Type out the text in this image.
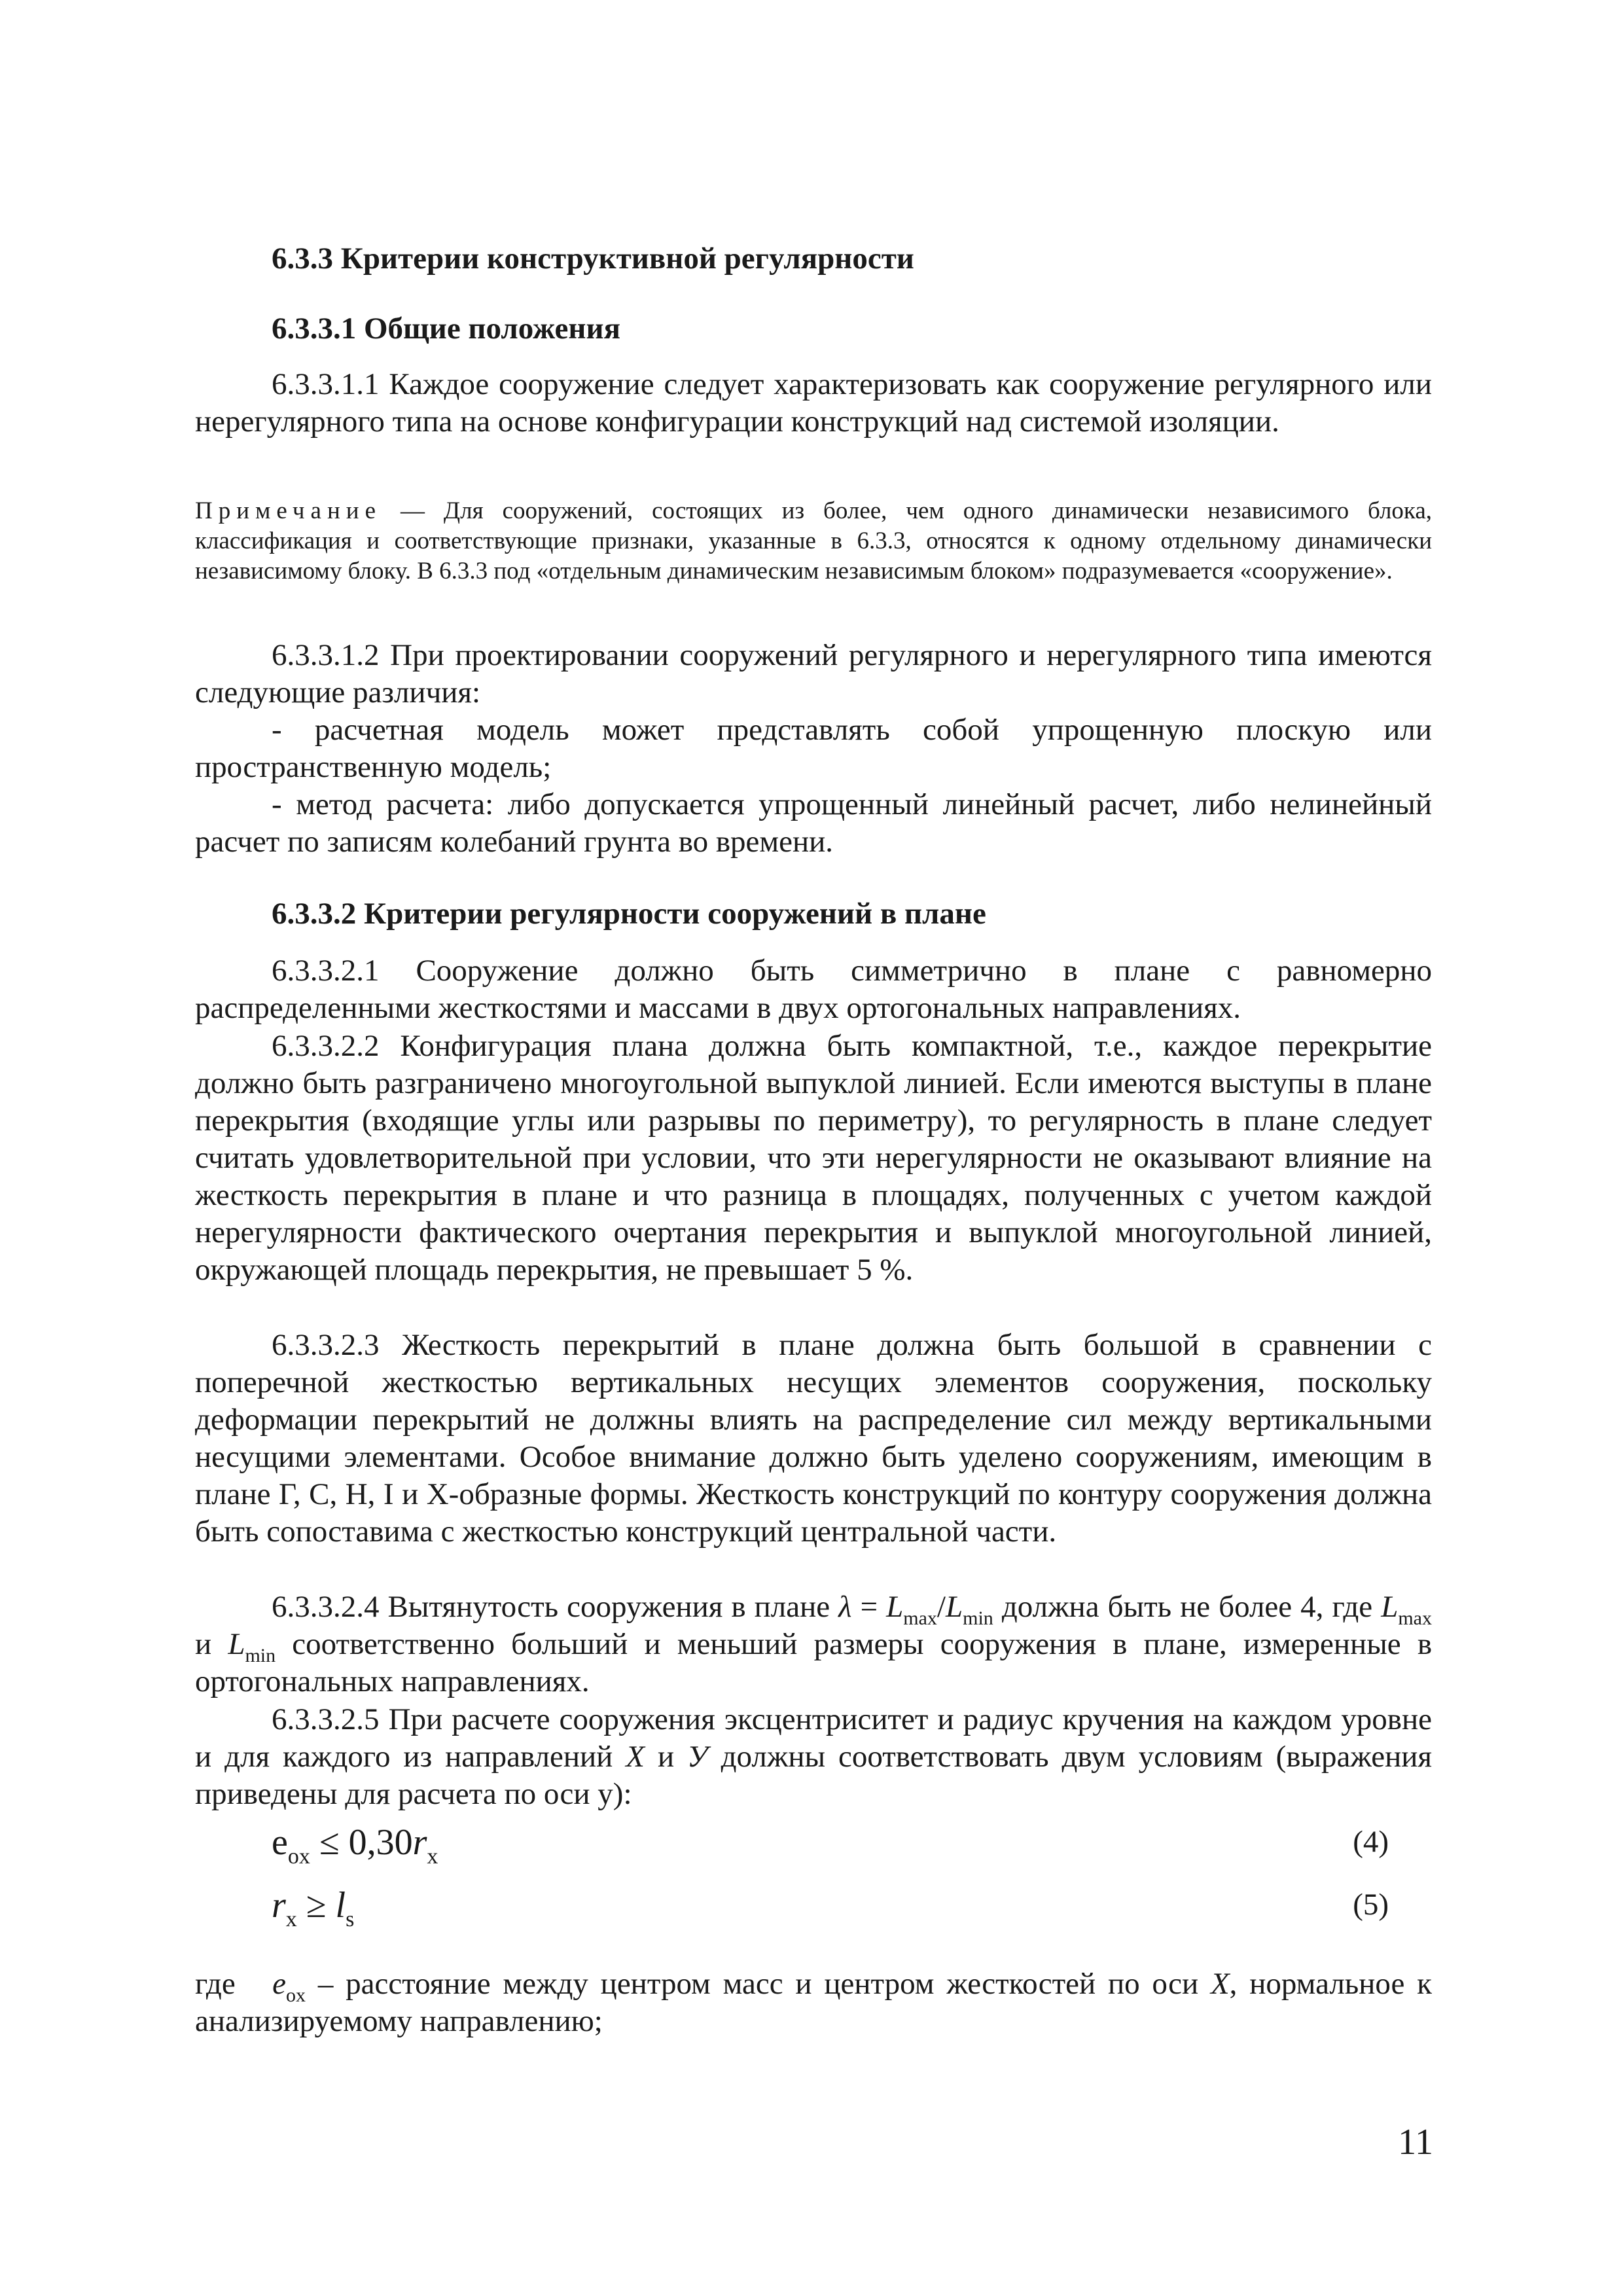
6.3.3 Критерии конструктивной регулярности
6.3.3.1 Общие положения
6.3.3.1.1 Каждое сооружение следует характеризовать как сооружение регулярного или нерегулярного типа на основе конфигурации конструкций над системой изоляции.
Примечание — Для сооружений, состоящих из более, чем одного динамически независимого блока, классификация и соответствующие признаки, указанные в 6.3.3, относятся к одному отдельному динамически независимому блоку. В 6.3.3 под «отдельным динамическим независимым блоком» подразумевается «сооружение».
6.3.3.1.2 При проектировании сооружений регулярного и нерегулярного типа имеются следующие различия:
- расчетная модель может представлять собой упрощенную плоскую или пространственную модель;
- метод расчета: либо допускается упрощенный линейный расчет, либо нелинейный расчет по записям колебаний грунта во времени.
6.3.3.2 Критерии регулярности сооружений в плане
6.3.3.2.1 Сооружение должно быть симметрично в плане с равномерно распределенными жесткостями и массами в двух ортогональных направлениях.
6.3.3.2.2 Конфигурация плана должна быть компактной, т.е., каждое перекрытие должно быть разграничено многоугольной выпуклой линией. Если имеются выступы в плане перекрытия (входящие углы или разрывы по периметру), то регулярность в плане следует считать удовлетворительной при условии, что эти нерегулярности не оказывают влияние на жесткость перекрытия в плане и что разница в площадях, полученных с учетом каждой нерегулярности фактического очертания перекрытия и выпуклой многоугольной линией, окружающей площадь перекрытия, не превышает 5 %.
6.3.3.2.3 Жесткость перекрытий в плане должна быть большой в сравнении с поперечной жесткостью вертикальных несущих элементов сооружения, поскольку деформации перекрытий не должны влиять на распределение сил между вертикальными несущими элементами. Особое внимание должно быть уделено сооружениям, имеющим в плане Г, С, Н, I и Х-образные формы. Жесткость конструкций по контуру сооружения должна быть сопоставима с жесткостью конструкций центральной части.
6.3.3.2.4 Вытянутость сооружения в плане $\lambda = L_{max}/L_{min}$ должна быть не более 4, где $L_{max}$ и $L_{min}$ соответственно больший и меньший размеры сооружения в плане, измеренные в ортогональных направлениях.
6.3.3.2.5 При расчете сооружения эксцентриситет и радиус кручения на каждом уровне и для каждого из направлений X и У должны соответствовать двум условиям (выражения приведены для расчета по оси у):
$e_{ox} \le 0,30r_x$	(4)
$r_x \ge l_s$	(5)
где   $e_{ox}$ – расстояние между центром масс и центром жесткостей по оси X, нормальное к анализируемому направлению;
11
